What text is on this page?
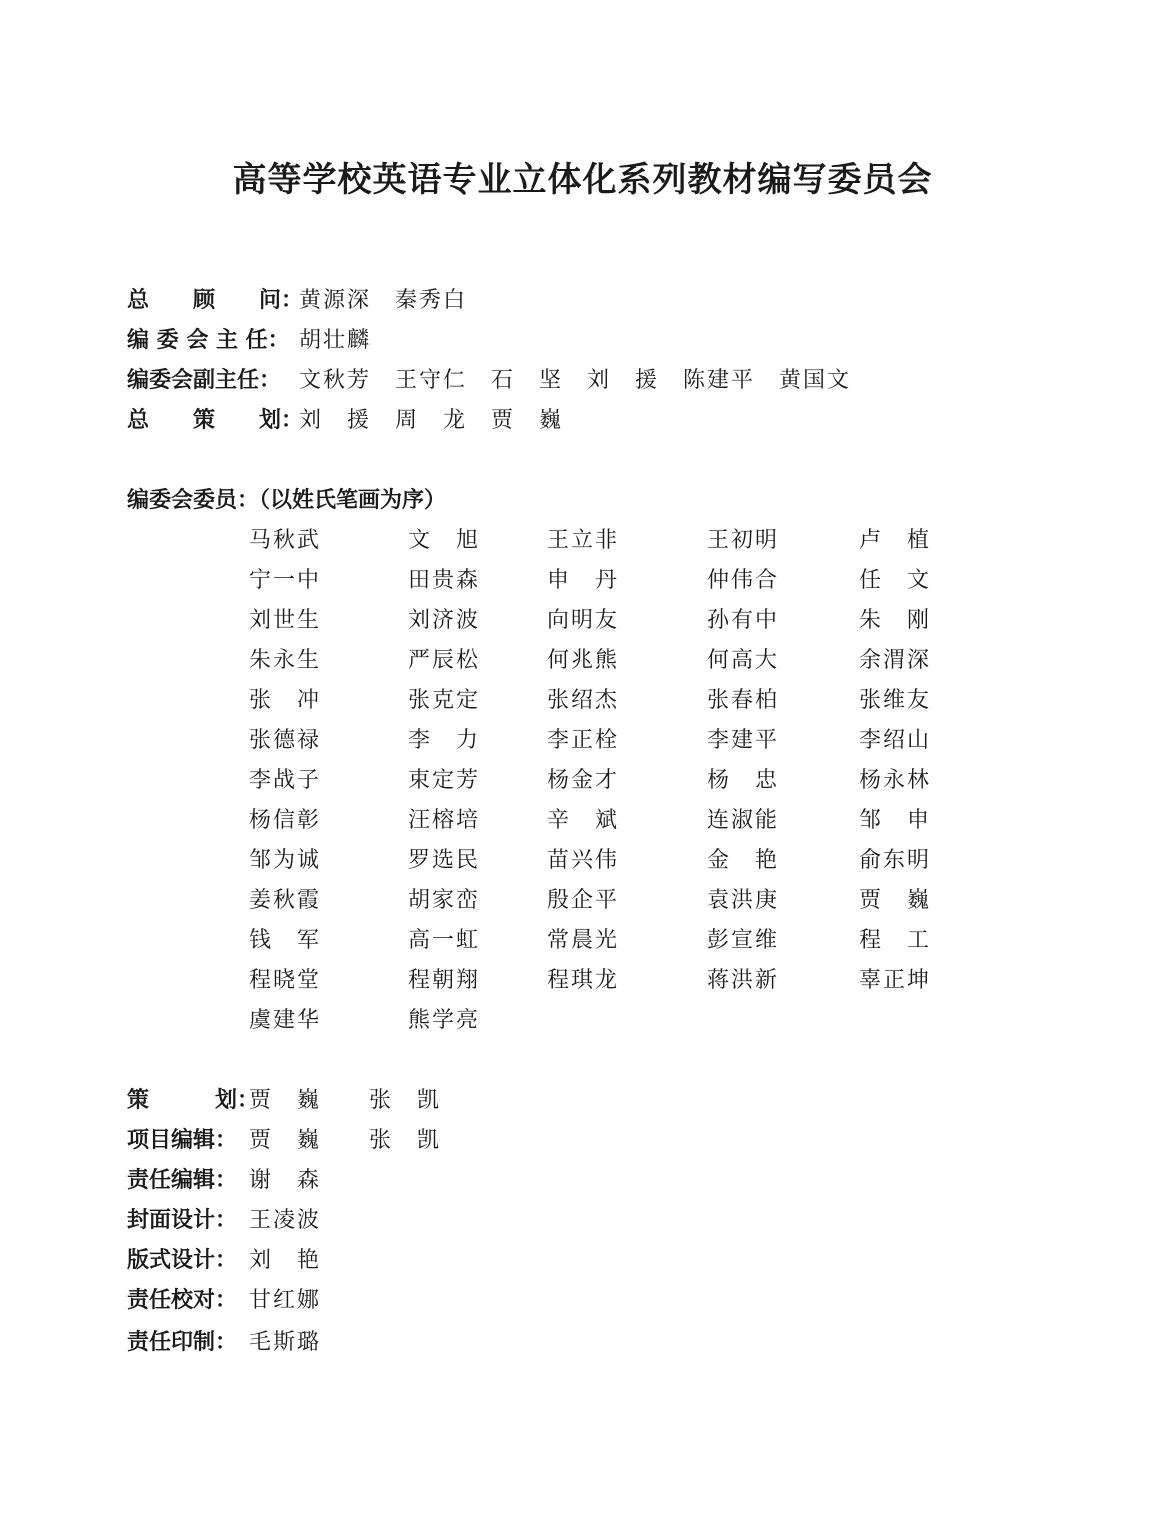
高等学校英语专业立体化系列教材编写委员会
总　　顾　　问：
黄源深　秦秀白
编 委 会 主 任： 胡壮麟
编委会副主任： 文秋芳　王守仁　石　坚　刘　援　陈建平　黄国文
总　　策　　划：
刘　援　周　龙　贾　巍
编委会委员：（以姓氏笔画为序）
马秋武	文　旭	王立非	王初明	卢　植
宁一中	田贵森	申　丹	仲伟合	任　文
刘世生	刘济波	向明友	孙有中	朱　刚
朱永生	严辰松	何兆熊	何高大	余渭深
张　冲	张克定	张绍杰	张春柏	张维友
张德禄	李　力	李正栓	李建平	李绍山
李战子	束定芳	杨金才	杨　忠	杨永林
杨信彰	汪榕培	辛　斌	连淑能	邹　申
邹为诚	罗选民	苗兴伟	金　艳	俞东明
姜秋霞	胡家峦	殷企平	袁洪庚	贾　巍
钱　军	高一虹	常晨光	彭宣维	程　工
程晓堂	程朝翔	程琪龙	蒋洪新	辜正坤
虞建华	熊学亮
策　　　划：
贾　巍　　张　凯
项目编辑： 贾　巍　　张　凯
责任编辑： 谢　森
封面设计： 王凌波
版式设计： 刘　艳
责任校对： 甘红娜
责任印制： 毛斯璐
